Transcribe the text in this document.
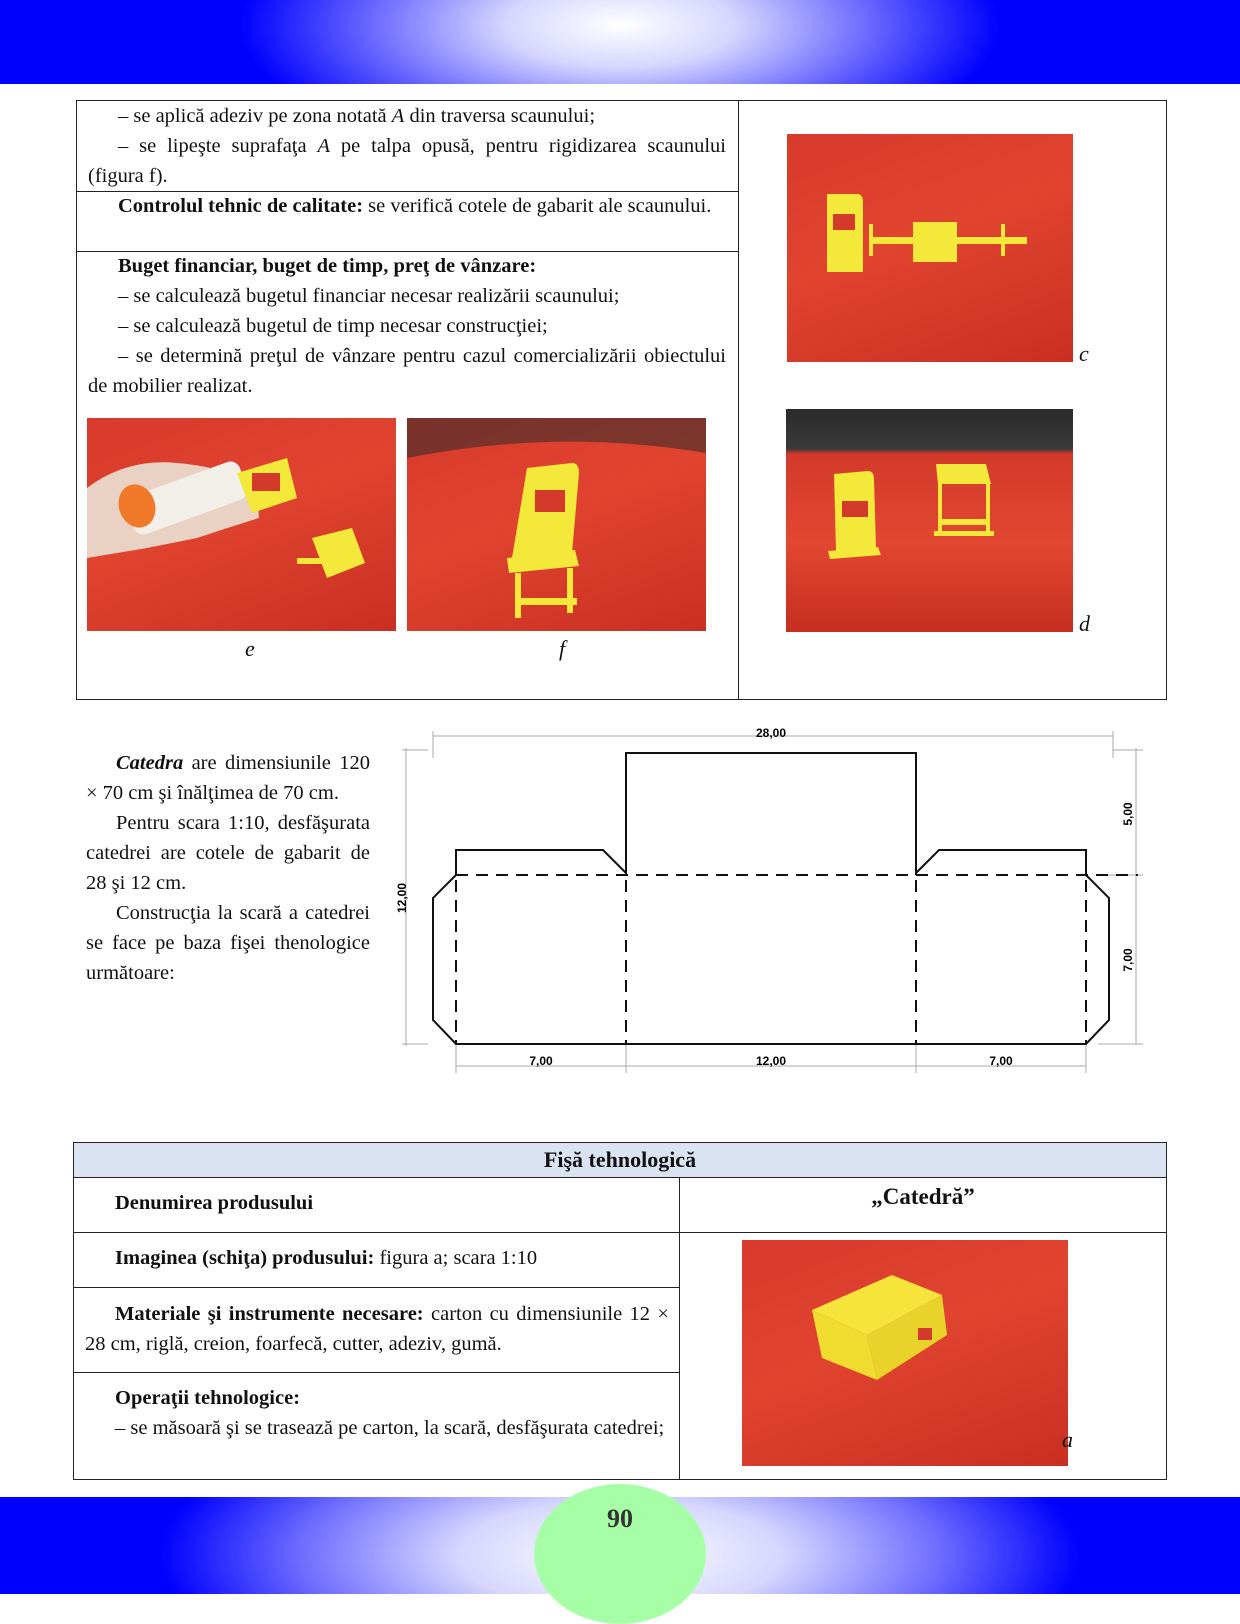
– se aplică adeziv pe zona notată A din traversa scaunului;

– se lipeşte suprafaţa A pe talpa opusă, pentru rigidizarea scaunului (figura f).

Controlul tehnic de calitate: se verifică cotele de gabarit ale scaunului.

Buget financiar, buget de timp, preţ de vânzare:

– se calculează bugetul financiar necesar realizării scaunului;

– se calculează bugetul de timp necesar construcţiei;

– se determină preţul de vânzare pentru cazul comercializării obiectului de mobilier realizat.

e	f
c
d

Catedra are dimensiunile 120 × 70 cm şi înălţimea de 70 cm.

Pentru scara 1:10, desfăşurata catedrei are cotele de gabarit de 28 şi 12 cm.

Construcţia la scară a catedrei se face pe baza fişei thenologice următoare:

28,00
7,00	12,00	7,00
12,00
5,00
7,00
Fişă tehnologică

Denumirea produsului	„Catedră”

Imaginea (schiţa) produsului: figura a; scara 1:10

Materiale şi instrumente necesare: carton cu dimensiunile 12 × 28 cm, riglă, creion, foarfecă, cutter, adeziv, gumă.

Operaţii tehnologice:

– se măsoară şi se trasează pe carton, la scară, desfăşurata catedrei;	a
90
